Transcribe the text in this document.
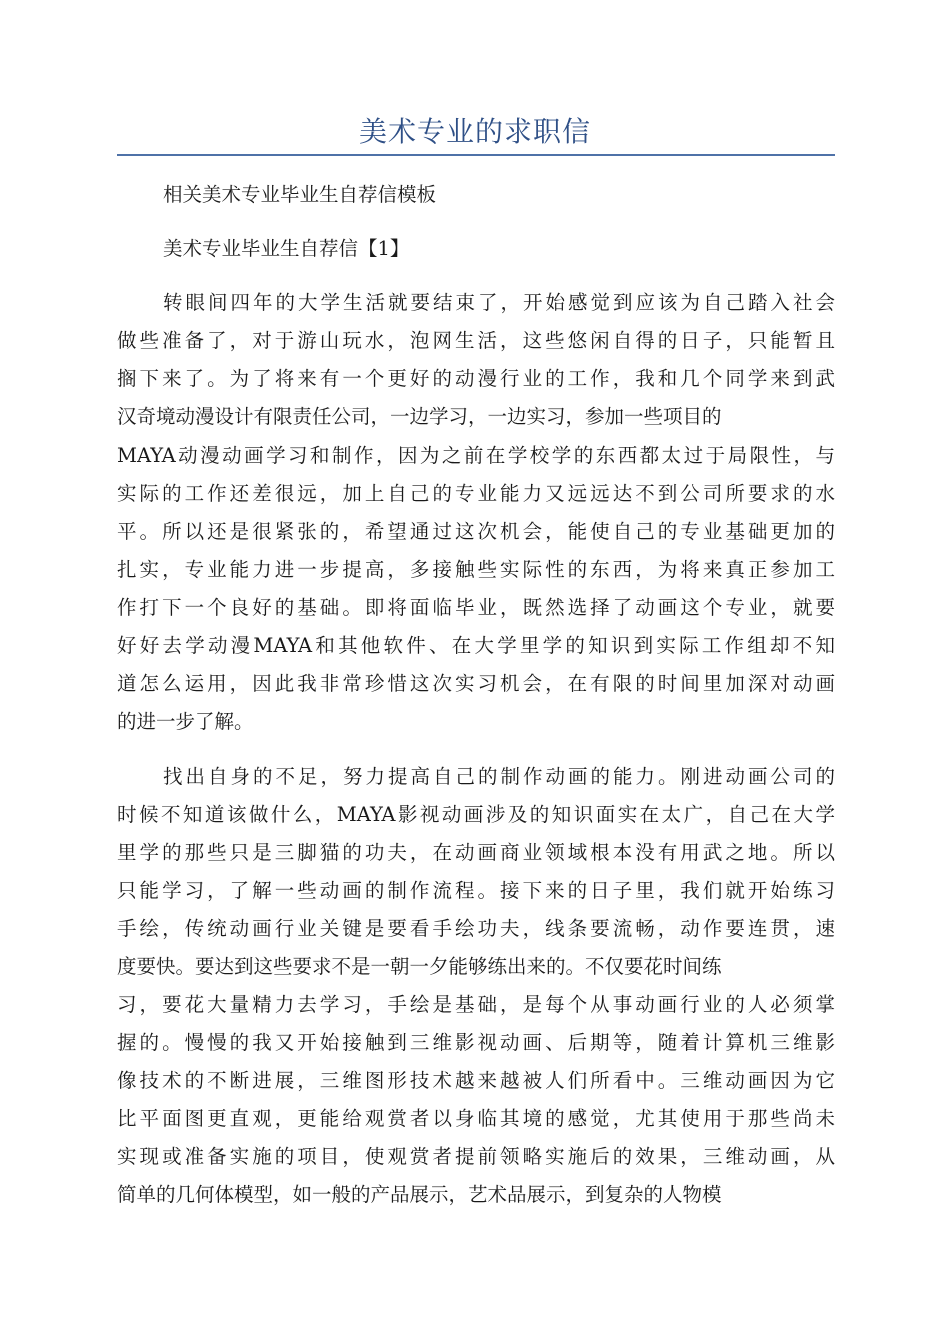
美术专业的求职信
相关美术专业毕业生自荐信模板
美术专业毕业生自荐信【1】
转眼间四年的大学生活就要结束了，开始感觉到应该为自己踏入社会
做些准备了，对于游山玩水，泡网生活，这些悠闲自得的日子，只能暂且
搁下来了。为了将来有一个更好的动漫行业的工作，我和几个同学来到武
汉奇境动漫设计有限责任公司，一边学习，一边实习，参加一些项目的
MAYA动漫动画学习和制作，因为之前在学校学的东西都太过于局限性，与
实际的工作还差很远，加上自己的专业能力又远远达不到公司所要求的水
平。所以还是很紧张的，希望通过这次机会，能使自己的专业基础更加的
扎实，专业能力进一步提高，多接触些实际性的东西，为将来真正参加工
作打下一个良好的基础。即将面临毕业，既然选择了动画这个专业，就要
好好去学动漫MAYA和其他软件、在大学里学的知识到实际工作组却不知
道怎么运用，因此我非常珍惜这次实习机会，在有限的时间里加深对动画
的进一步了解。
找出自身的不足，努力提高自己的制作动画的能力。刚进动画公司的
时候不知道该做什么，MAYA影视动画涉及的知识面实在太广，自己在大学
里学的那些只是三脚猫的功夫，在动画商业领域根本没有用武之地。所以
只能学习，了解一些动画的制作流程。接下来的日子里，我们就开始练习
手绘，传统动画行业关键是要看手绘功夫，线条要流畅，动作要连贯，速
度要快。要达到这些要求不是一朝一夕能够练出来的。不仅要花时间练
习，要花大量精力去学习，手绘是基础，是每个从事动画行业的人必须掌
握的。慢慢的我又开始接触到三维影视动画、后期等，随着计算机三维影
像技术的不断进展，三维图形技术越来越被人们所看中。三维动画因为它
比平面图更直观，更能给观赏者以身临其境的感觉，尤其使用于那些尚未
实现或准备实施的项目，使观赏者提前领略实施后的效果，三维动画，从
简单的几何体模型，如一般的产品展示，艺术品展示，到复杂的人物模
